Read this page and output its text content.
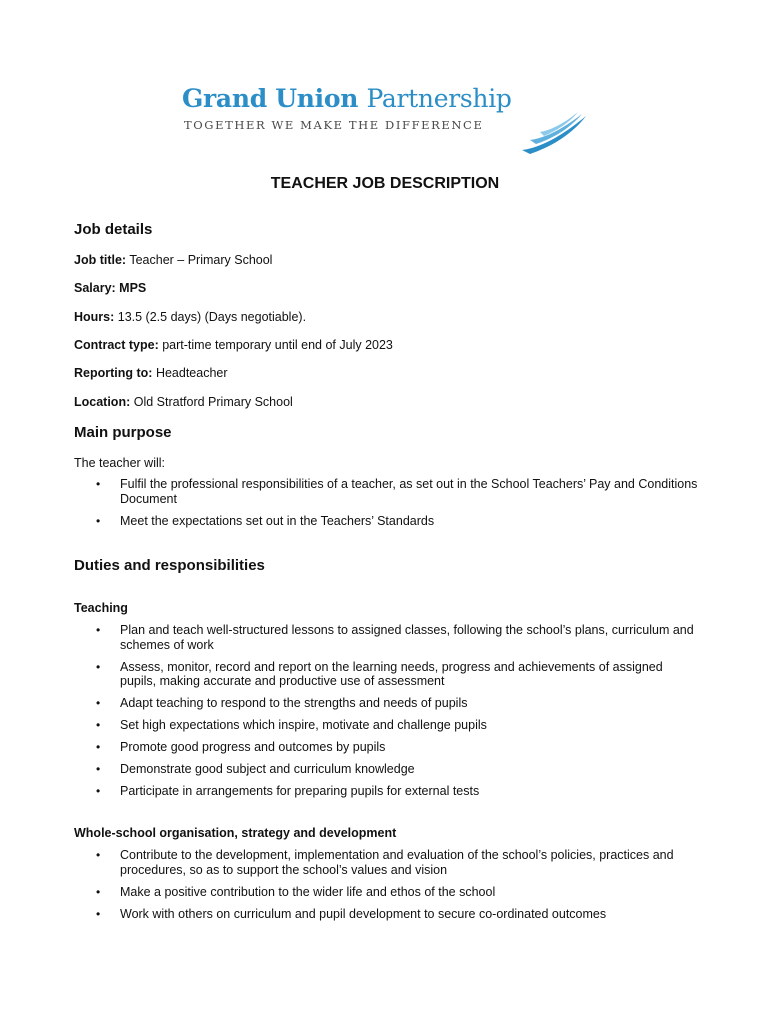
Grand Union Partnership
TOGETHER WE MAKE THE DIFFERENCE
TEACHER JOB DESCRIPTION
Job details

Job title: Teacher – Primary School

Salary: MPS

Hours: 13.5 (2.5 days) (Days negotiable).

Contract type: part-time temporary until end of July 2023

Reporting to: Headteacher

Location: Old Stratford Primary School

Main purpose

The teacher will:

• Fulfil the professional responsibilities of a teacher, as set out in the School Teachers’ Pay and Conditions Document
• Meet the expectations set out in the Teachers’ Standards
Duties and responsibilities

Teaching

• Plan and teach well-structured lessons to assigned classes, following the school’s plans, curriculum and schemes of work
• Assess, monitor, record and report on the learning needs, progress and achievements of assigned pupils, making accurate and productive use of assessment
• Adapt teaching to respond to the strengths and needs of pupils
• Set high expectations which inspire, motivate and challenge pupils
• Promote good progress and outcomes by pupils
• Demonstrate good subject and curriculum knowledge
• Participate in arrangements for preparing pupils for external tests

Whole-school organisation, strategy and development

• Contribute to the development, implementation and evaluation of the school’s policies, practices and procedures, so as to support the school’s values and vision
• Make a positive contribution to the wider life and ethos of the school
• Work with others on curriculum and pupil development to secure co-ordinated outcomes
